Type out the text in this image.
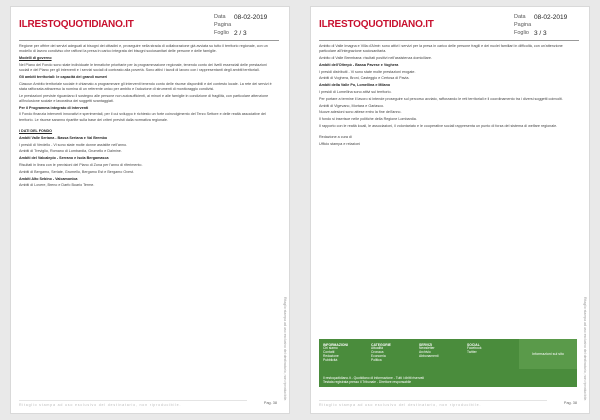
ILRESTOQUOTIDIANO.IT
Data	08-02-2019
Pagina
Foglio 2 / 3

Regione per offrire dei servizi adeguati ai bisogni dei cittadini e, proseguire nella strada di collaborazione già avviata su tutto il territorio regionale, con un modello di lavoro condiviso che rafforzi la presa in carico integrata dei bisogni sociosanitari delle persone e delle famiglie.

Modelli di governo

Nel Piano del Fondo sono state individuate le tematiche prioritarie per la programmazione regionale, tenendo conto dei livelli essenziali delle prestazioni sociali e del Piano per gli interventi e i servizi sociali di contrasto alla povertà. Sono attivi i tavoli di lavoro con i rappresentanti degli ambiti territoriali.

Gli ambiti territoriali: le capacità dei grandi numeri

Ciascun Ambito territoriale sociale è chiamato a programmare gli interventi tenendo conto delle risorse disponibili e del contesto locale. La rete dei servizi è stata rafforzata attraverso la nomina di un referente unico per ambito e l'adozione di strumenti di monitoraggio condivisi.

Le prestazioni previste riguardano il sostegno alle persone non autosufficienti, ai minori e alle famiglie in condizione di fragilità, con particolare attenzione all'inclusione sociale e lavorativa dei soggetti svantaggiati.

Per il Programma integrato di interventi

Il Fondo finanzia interventi innovativi e sperimentali, per il cui sviluppo è richiesto un forte coinvolgimento del Terzo Settore e delle realtà associative del territorio. Le risorse saranno ripartite sulla base dei criteri previsti dalla normativa regionale.

I DATI DEL FONDO

Ambiti Valle Seriana - Bassa Seriana e Val Brembo

I presidi di Verdello - Vi sono state molte donne assistite nell'anno.

Ambiti di Treviglio, Romano di Lombardia, Grumello e Dalmine.

Ambiti del Valcalepio - Serrano e Isola Bergamasca

Risultati in linea con le previsioni del Piano di Zona per l'anno di riferimento.

Ambiti di Bergamo, Seriate, Grumello, Bergamo Est e Bergamo Ovest.

Ambiti Alto Sebino - Valcamonica

Ambiti di Lovere, Breno e Darfo Boario Terme.

Ritaglio stampa ad uso esclusivo del destinatario, non riproducibile.
Ritaglio stampa ad uso esclusivo del destinatario, non riproducibile.	Pag. 38
ILRESTOQUOTIDIANO.IT
Data	08-02-2019
Pagina
Foglio 3 / 3

Ambito di Valle Imagna e Villa d'Almè: sono attivi i servizi per la presa in carico delle persone fragili e dei nuclei familiari in difficoltà, con un'attenzione particolare all'integrazione sociosanitaria.

Ambito di Valle Brembana: risultati positivi nell'assistenza domiciliare.

Ambiti dell'Oltrepò - Bassa Pavese e Voghera

I presidi distribuiti - Vi sono state molte prestazioni erogate.

Ambiti di Voghera, Broni, Casteggio e Certosa di Pavia.

Ambiti della Valle Po, Lomellina e Milano

I presidi di Lomellina sono attivi sul territorio.

Per portare a termine il lavoro si intende proseguire sul percorso avviato, rafforzando le reti territoriali e il coordinamento tra i diversi soggetti coinvolti.

Ambiti di Vigevano, Mortara e Garlasco.

Nuove adesioni sono attese entro la fine dell'anno.

Il fondo si inserisce nelle politiche della Regione Lombardia.

Il rapporto con le realtà locali, le associazioni, il volontariato e le cooperative sociali rappresenta un punto di forza del sistema di welfare regionale.

Redazione a cura di

Ufficio stampa e relazioni

INFORMAZIONI
Chi siamo
Contatti
Redazione
Pubblicità
CATEGORIE
Attualità
Cronaca
Economia
Politica
SERVIZI
Newsletter
Archivio
Abbonamenti
SOCIAL
Facebook
Twitter
Informazioni sul sito
Il restoquotidiano.it - Quotidiano di informazione - Tutti i diritti riservati
Testata registrata presso il Tribunale - Direttore responsabile	Ritaglio stampa ad uso esclusivo del destinatario, non riproducibile.
Ritaglio stampa ad uso esclusivo del destinatario, non riproducibile.	Pag. 38
